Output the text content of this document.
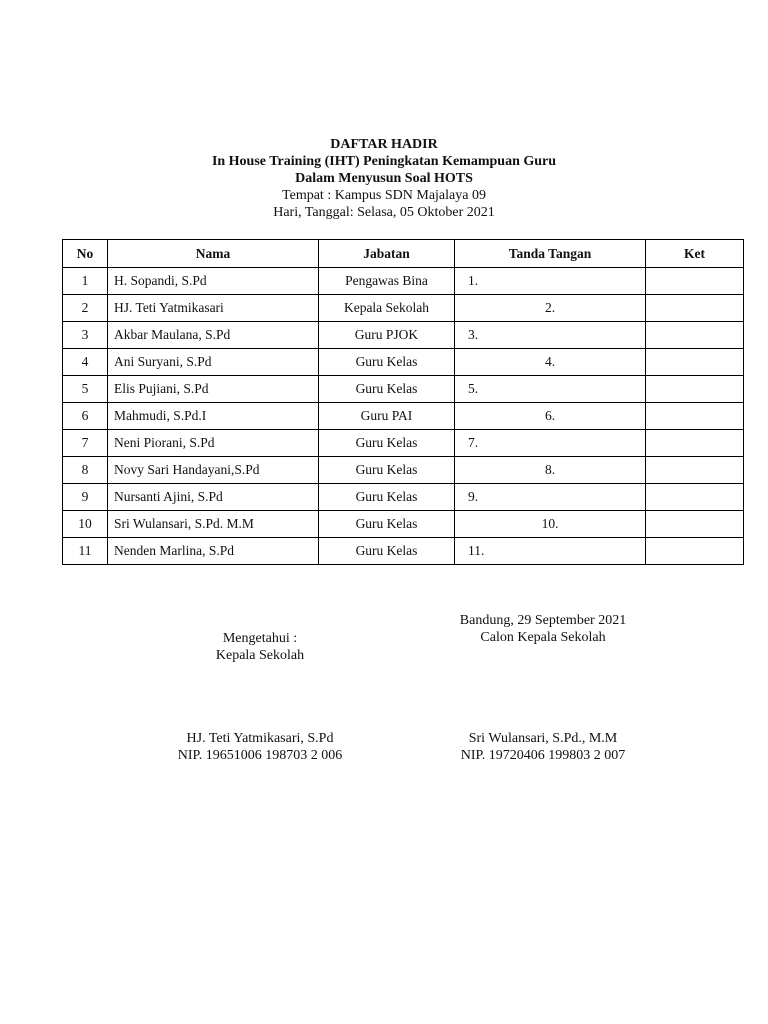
DAFTAR HADIR
In House Training (IHT) Peningkatan Kemampuan Guru
Dalam Menyusun Soal HOTS
Tempat : Kampus SDN Majalaya 09
Hari, Tanggal: Selasa, 05 Oktober 2021
No	Nama	Jabatan	Tanda Tangan	Ket
1	H. Sopandi, S.Pd	Pengawas Bina	1.	
2	HJ. Teti Yatmikasari	Kepala Sekolah	2.	
3	Akbar Maulana, S.Pd	Guru PJOK	3.	
4	Ani Suryani, S.Pd	Guru Kelas	4.	
5	Elis Pujiani, S.Pd	Guru Kelas	5.	
6	Mahmudi, S.Pd.I	Guru PAI	6.	
7	Neni Piorani, S.Pd	Guru Kelas	7.	
8	Novy Sari Handayani,S.Pd	Guru Kelas	8.	
9	Nursanti Ajini, S.Pd	Guru Kelas	9.	
10	Sri Wulansari, S.Pd. M.M	Guru Kelas	10.	
11	Nenden Marlina, S.Pd	Guru Kelas	11.	
Mengetahui :
Kepala Sekolah
HJ. Teti Yatmikasari, S.Pd
NIP. 19651006 198703 2 006
Bandung, 29 September 2021
Calon Kepala Sekolah
Sri Wulansari, S.Pd., M.M
NIP. 19720406 199803 2 007
